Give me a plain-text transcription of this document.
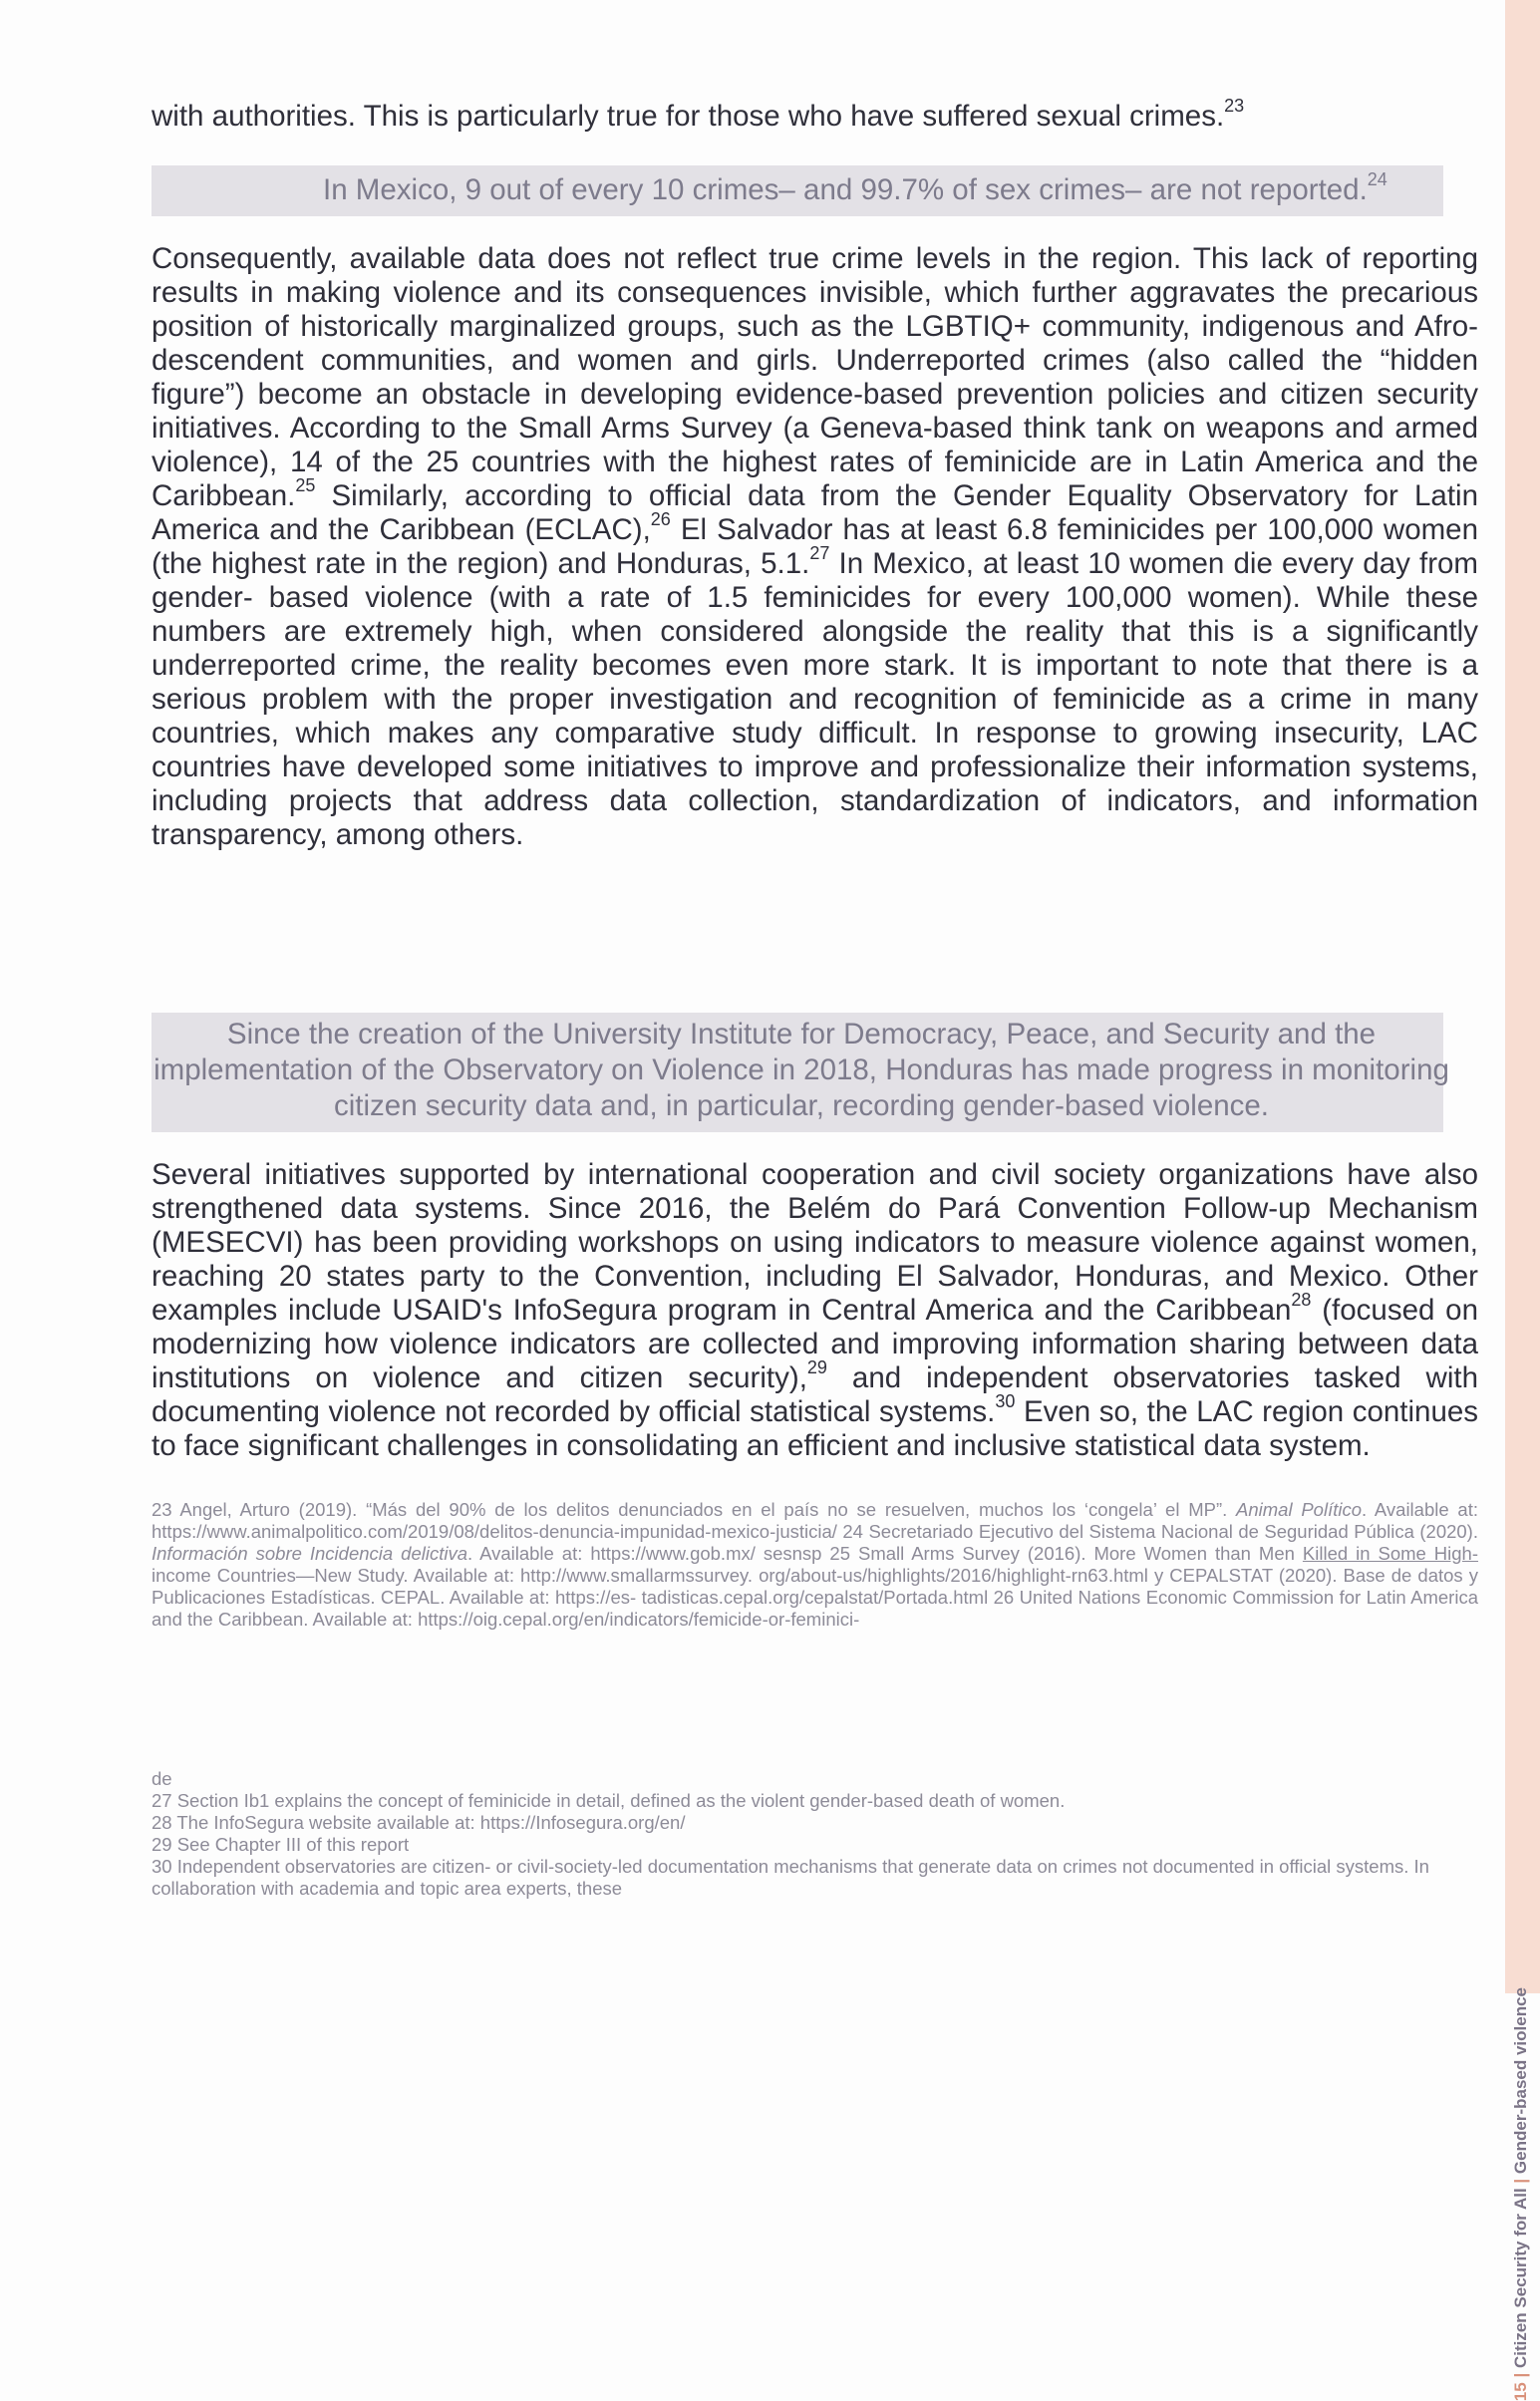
with authorities. This is particularly true for those who have suffered sexual crimes.$^{23}$

In Mexico, 9 out of every 10 crimes– and 99.7% of sex crimes– are not reported.$^{24}$

Consequently, available data does not reflect true crime levels in the region. This lack of reporting results in making violence and its consequences invisible, which further aggravates the precarious position of historically marginalized groups, such as the LGBTIQ+ community, indigenous and Afro-descendent communities, and women and girls. Underreported crimes (also called the “hidden figure”) become an obstacle in developing evidence-based prevention policies and citizen security initiatives. According to the Small Arms Survey (a Geneva-based think tank on weapons and armed violence), 14 of the 25 countries with the highest rates of feminicide are in Latin America and the Caribbean.$^{25}$ Similarly, according to official data from the Gender Equality Observatory for Latin America and the Caribbean (ECLAC),$^{26}$ El Salvador has at least 6.8 feminicides per 100,000 women (the highest rate in the region) and Honduras, 5.1.27 In Mexico, at least 10 women die every day from gender- based violence (with a rate of 1.5 feminicides for every 100,000 women). While these numbers are extremely high, when considered alongside the reality that this is a significantly underreported crime, the reality becomes even more stark. It is important to note that there is a serious problem with the proper investigation and recognition of feminicide as a crime in many countries, which makes any comparative study difficult. In response to growing insecurity, LAC countries have developed some initiatives to improve and professionalize their information systems, including projects that address data collection, standardization of indicators, and information transparency, among others.

Since the creation of the University Institute for Democracy, Peace, and Security and the implementation of the Observatory on Violence in 2018, Honduras has made progress in monitoring citizen security data and, in particular, recording gender-based violence.

Several initiatives supported by international cooperation and civil society organizations have also strengthened data systems. Since 2016, the Belém do Pará Convention Follow-up Mechanism (MESECVI) has been providing workshops on using indicators to measure violence against women, reaching 20 states party to the Convention, including El Salvador, Honduras, and Mexico. Other examples include USAID's InfoSegura program in Central America and the Caribbean$^{28}$ (focused on modernizing how violence indicators are collected and improving information sharing between data institutions on violence and citizen security),$^{29}$ and independent observatories tasked with documenting violence not recorded by official statistical systems.$^{30}$ Even so, the LAC region continues to face significant challenges in consolidating an efficient and inclusive statistical data system.

23 Angel, Arturo (2019). “Más del 90% de los delitos denunciados en el país no se resuelven, muchos los ‘congela’ el MP”. Animal Político. Available at: https://www.animalpolitico.com/2019/08/delitos-denuncia-impunidad-mexico-justicia/ 24 Secretariado Ejecutivo del Sistema Nacional de Seguridad Pública (2020). Información sobre Incidencia delictiva. Available at: https://www.gob.mx/ sesnsp 25 Small Arms Survey (2016). More Women than Men Killed in Some High-income Countries—New Study. Available at: http://www.smallarmssurvey. org/about-us/highlights/2016/highlight-rn63.html y CEPALSTAT (2020). Base de datos y Publicaciones Estadísticas. CEPAL. Available at: https://es- tadisticas.cepal.org/cepalstat/Portada.html 26 United Nations Economic Commission for Latin America and the Caribbean. Available at: https://oig.cepal.org/en/indicators/femicide-or-feminici-

de
27 Section Ib1 explains the concept of feminicide in detail, defined as the violent gender-based death of women.
28 The InfoSegura website available at: https://Infosegura.org/en/
29 See Chapter III of this report
30 Independent observatories are citizen- or civil-society-led documentation mechanisms that generate data on crimes not documented in official systems. In collaboration with academia and topic area experts, these
15 | Citizen Security for All | Gender-based violence
